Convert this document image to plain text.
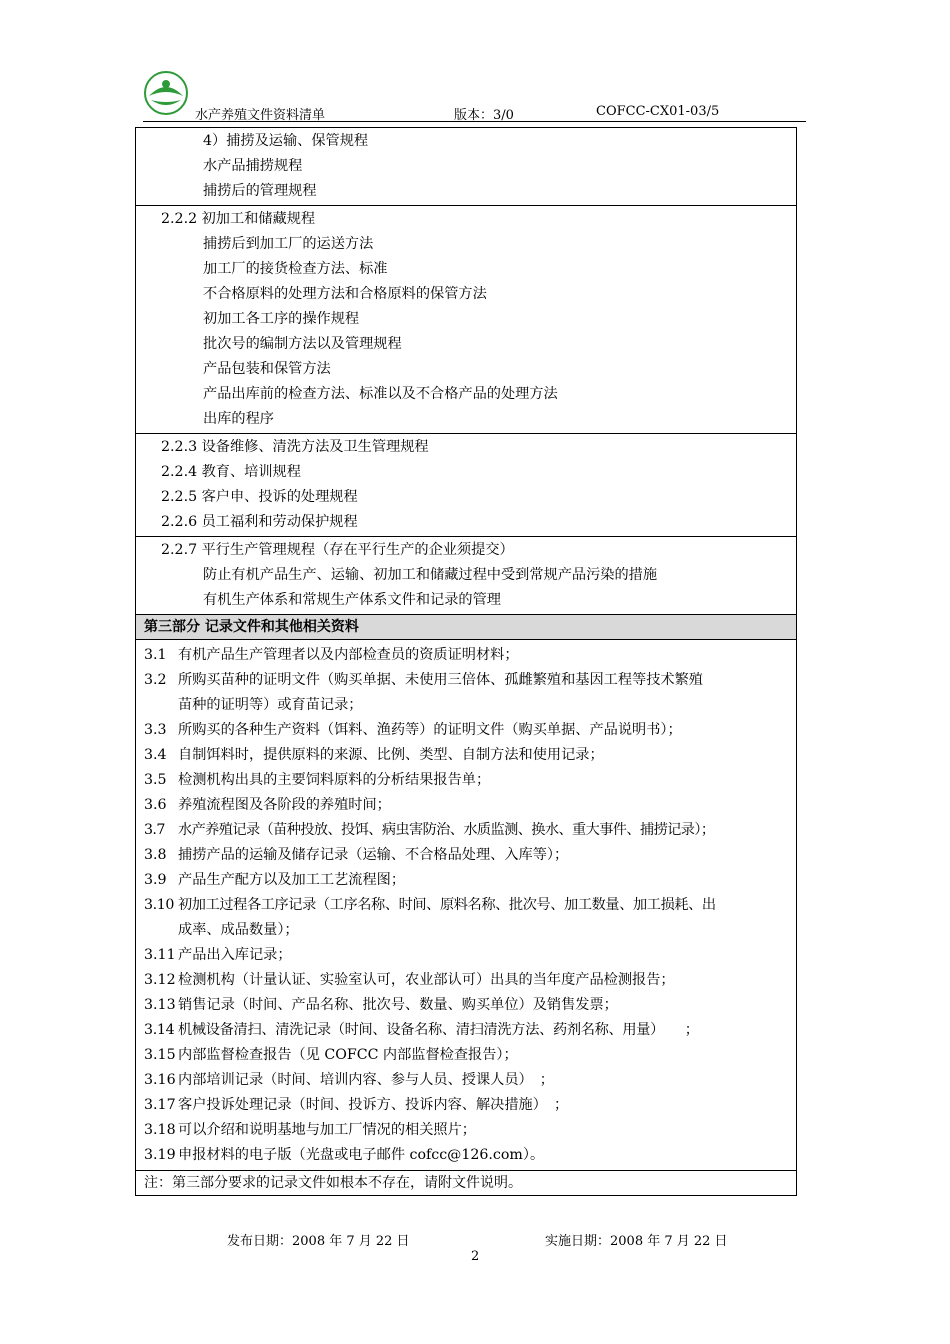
水产养殖文件资料清单	版本：3/0	COFCC-CX01-03/5
4）捕捞及运输、保管规程
水产品捕捞规程
捕捞后的管理规程
2.2.2 初加工和储藏规程
捕捞后到加工厂的运送方法
加工厂的接货检查方法、标准
不合格原料的处理方法和合格原料的保管方法
初加工各工序的操作规程
批次号的编制方法以及管理规程
产品包装和保管方法
产品出库前的检查方法、标准以及不合格产品的处理方法
出库的程序
2.2.3 设备维修、清洗方法及卫生管理规程
2.2.4 教育、培训规程
2.2.5 客户申、投诉的处理规程
2.2.6 员工福利和劳动保护规程
2.2.7 平行生产管理规程（存在平行生产的企业须提交）
防止有机产品生产、运输、初加工和储藏过程中受到常规产品污染的措施
有机生产体系和常规生产体系文件和记录的管理
第三部分 记录文件和其他相关资料
3.1 有机产品生产管理者以及内部检查员的资质证明材料；
3.2 所购买苗种的证明文件（购买单据、未使用三倍体、孤雌繁殖和基因工程等技术繁殖
苗种的证明等）或育苗记录；
3.3 所购买的各种生产资料（饵料、渔药等）的证明文件（购买单据、产品说明书）；
3.4 自制饵料时，提供原料的来源、比例、类型、自制方法和使用记录；
3.5 检测机构出具的主要饲料原料的分析结果报告单；
3.6 养殖流程图及各阶段的养殖时间；
3.7 水产养殖记录（苗种投放、投饵、病虫害防治、水质监测、换水、重大事件、捕捞记录）；
3.8 捕捞产品的运输及储存记录（运输、不合格品处理、入库等）；
3.9 产品生产配方以及加工工艺流程图；
3.10 初加工过程各工序记录（工序名称、时间、原料名称、批次号、加工数量、加工损耗、出
成率、成品数量）；
3.11 产品出入库记录；
3.12 检测机构（计量认证、实验室认可，农业部认可）出具的当年度产品检测报告；
3.13 销售记录（时间、产品名称、批次号、数量、购买单位）及销售发票；
3.14 机械设备清扫、清洗记录（时间、设备名称、清扫清洗方法、药剂名称、用量）　　；
3.15 内部监督检查报告（见 COFCC 内部监督检查报告）；
3.16 内部培训记录（时间、培训内容、参与人员、授课人员）　；
3.17 客户投诉处理记录（时间、投诉方、投诉内容、解决措施）　；
3.18 可以介绍和说明基地与加工厂情况的相关照片；
3.19 申报材料的电子版（光盘或电子邮件 cofcc@126.com）。
注：第三部分要求的记录文件如根本不存在，请附文件说明。
发布日期：2008 年 7 月 22 日	实施日期：2008 年 7 月 22 日
2
